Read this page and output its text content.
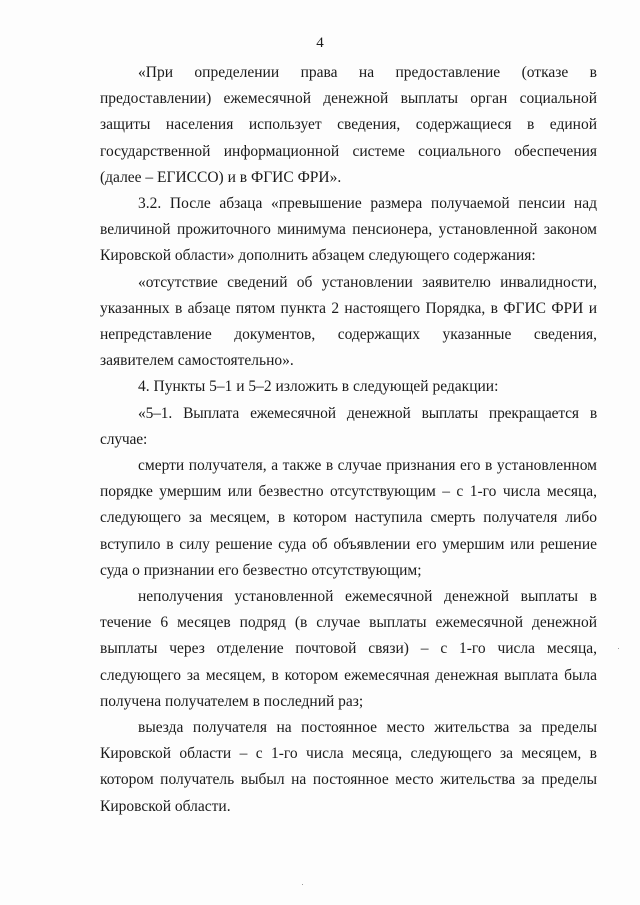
4

«При определении права на предоставление (отказе в предоставлении) ежемесячной денежной выплаты орган социальной защиты населения использует сведения, содержащиеся в единой государственной информационной системе социального обеспечения (далее – ЕГИССО) и в ФГИС ФРИ».

3.2. После абзаца «превышение размера получаемой пенсии над величиной прожиточного минимума пенсионера, установленной законом Кировской области» дополнить абзацем следующего содержания:

«отсутствие сведений об установлении заявителю инвалидности, указанных в абзаце пятом пункта 2 настоящего Порядка, в ФГИС ФРИ и непредставление документов, содержащих указанные сведения, заявителем самостоятельно».

4. Пункты 5–1 и 5–2 изложить в следующей редакции:

«5–1. Выплата ежемесячной денежной выплаты прекращается в случае:

смерти получателя, а также в случае признания его в установленном порядке умершим или безвестно отсутствующим – с 1-го числа месяца, следующего за месяцем, в котором наступила смерть получателя либо вступило в силу решение суда об объявлении его умершим или решение суда о признании его безвестно отсутствующим;

неполучения установленной ежемесячной денежной выплаты в течение 6 месяцев подряд (в случае выплаты ежемесячной денежной выплаты через отделение почтовой связи) – с 1-го числа месяца, следующего за месяцем, в котором ежемесячная денежная выплата была получена получателем в последний раз;

выезда получателя на постоянное место жительства за пределы Кировской области – с 1-го числа месяца, следующего за месяцем, в котором получатель выбыл на постоянное место жительства за пределы Кировской области.
